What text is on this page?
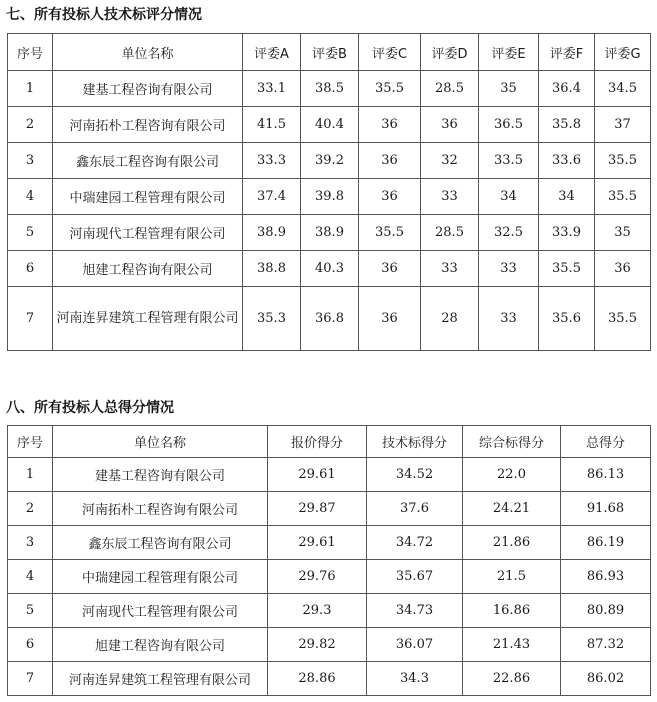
七、所有投标人技术标评分情况
序号	单位名称	评委A	评委B	评委C	评委D	评委E	评委F	评委G
1	建基工程咨询有限公司	33.1	38.5	35.5	28.5	35	36.4	34.5
2	河南拓朴工程咨询有限公司	41.5	40.4	36	36	36.5	35.8	37
3	鑫东辰工程咨询有限公司	33.3	39.2	36	32	33.5	33.6	35.5
4	中瑞建园工程管理有限公司	37.4	39.8	36	33	34	34	35.5
5	河南现代工程管理有限公司	38.9	38.9	35.5	28.5	32.5	33.9	35
6	旭建工程咨询有限公司	38.8	40.3	36	33	33	35.5	36
7	河南连昇建筑工程管理有限公司	35.3	36.8	36	28	33	35.6	35.5
八、所有投标人总得分情况
序号	单位名称	报价得分	技术标得分	综合标得分	总得分
1	建基工程咨询有限公司	29.61	34.52	22.0	86.13
2	河南拓朴工程咨询有限公司	29.87	37.6	24.21	91.68
3	鑫东辰工程咨询有限公司	29.61	34.72	21.86	86.19
4	中瑞建园工程管理有限公司	29.76	35.67	21.5	86.93
5	河南现代工程管理有限公司	29.3	34.73	16.86	80.89
6	旭建工程咨询有限公司	29.82	36.07	21.43	87.32
7	河南连昇建筑工程管理有限公司	28.86	34.3	22.86	86.02
